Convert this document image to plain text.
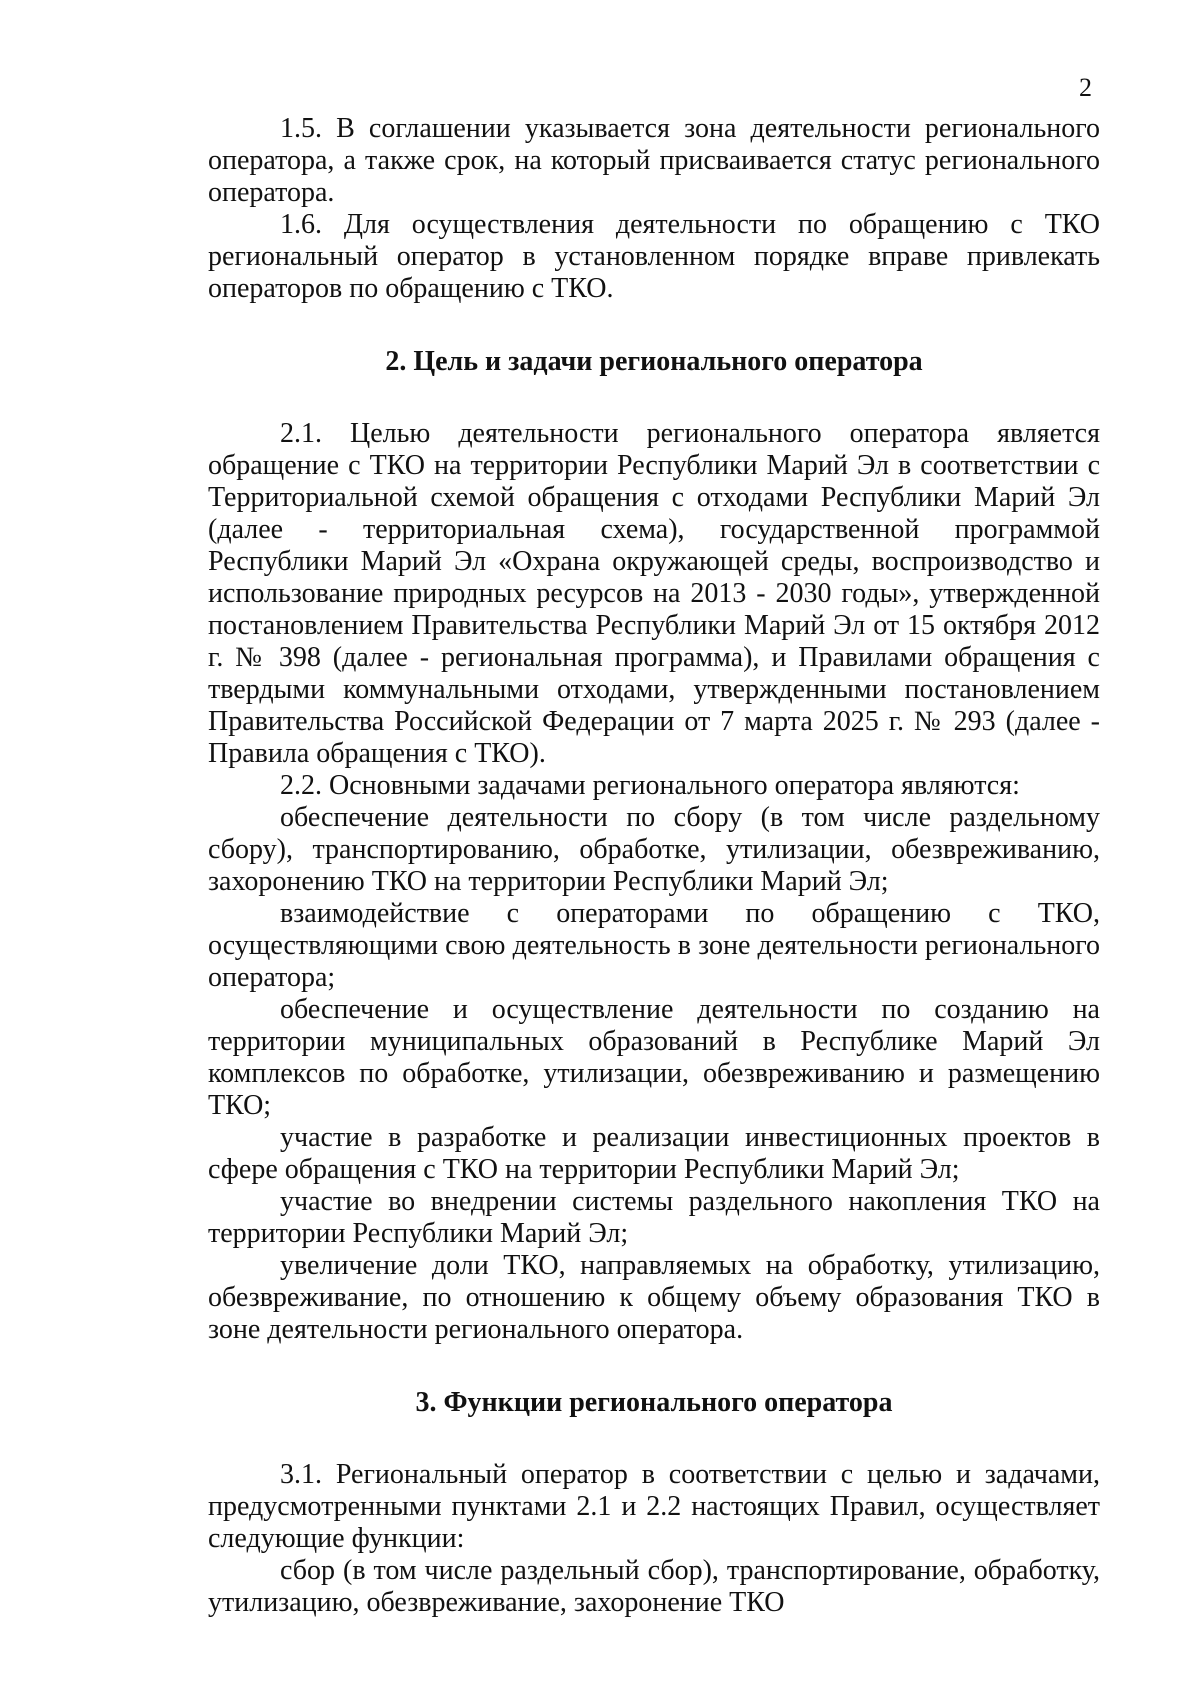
2

1.5. В соглашении указывается зона деятельности регионального оператора, а также срок, на который присваивается статус регионального оператора.

1.6. Для осуществления деятельности по обращению с ТКО региональный оператор в установленном порядке вправе привлекать операторов по обращению с ТКО.

2. Цель и задачи регионального оператора

2.1. Целью деятельности регионального оператора является обращение с ТКО на территории Республики Марий Эл в соответствии с Территориальной схемой обращения с отходами Республики Марий Эл (далее - территориальная схема), государственной программой Республики Марий Эл «Охрана окружающей среды, воспроизводство и использование природных ресурсов на 2013 - 2030 годы», утвержденной постановлением Правительства Республики Марий Эл от 15 октября 2012 г. № 398 (далее - региональная программа), и Правилами обращения с твердыми коммунальными отходами, утвержденными постановлением Правительства Российской Федерации от 7 марта 2025 г. № 293 (далее - Правила обращения с ТКО).

2.2. Основными задачами регионального оператора являются:

обеспечение деятельности по сбору (в том числе раздельному сбору), транспортированию, обработке, утилизации, обезвреживанию, захоронению ТКО на территории Республики Марий Эл;

взаимодействие с операторами по обращению с ТКО, осуществляющими свою деятельность в зоне деятельности регионального оператора;

обеспечение и осуществление деятельности по созданию на территории муниципальных образований в Республике Марий Эл комплексов по обработке, утилизации, обезвреживанию и размещению ТКО;

участие в разработке и реализации инвестиционных проектов в сфере обращения с ТКО на территории Республики Марий Эл;

участие во внедрении системы раздельного накопления ТКО на территории Республики Марий Эл;

увеличение доли ТКО, направляемых на обработку, утилизацию, обезвреживание, по отношению к общему объему образования ТКО в зоне деятельности регионального оператора.

3. Функции регионального оператора

3.1. Региональный оператор в соответствии с целью и задачами, предусмотренными пунктами 2.1 и 2.2 настоящих Правил, осуществляет следующие функции:

сбор (в том числе раздельный сбор), транспортирование, обработку, утилизацию, обезвреживание, захоронение ТКО
